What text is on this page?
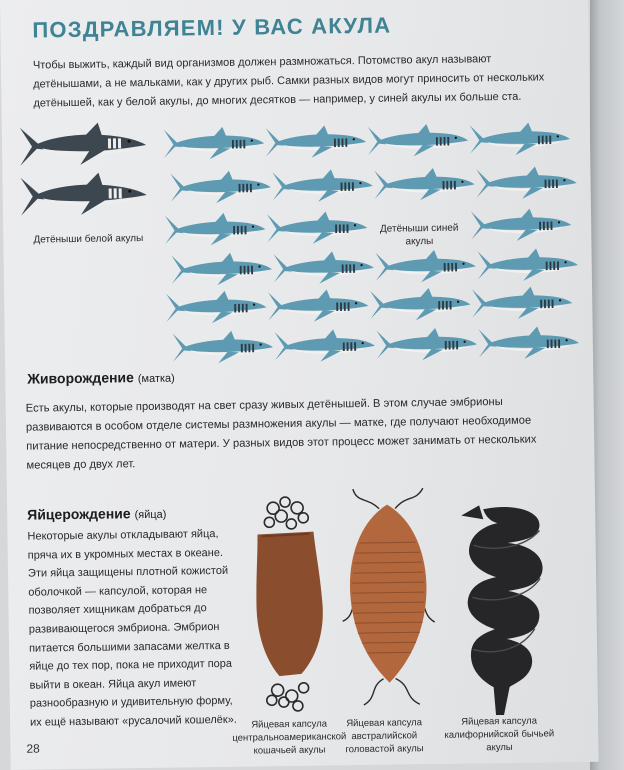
ПОЗДРАВЛЯЕМ! У ВАС АКУЛА
Чтобы выжить, каждый вид организмов должен размножаться. Потомство акул называют детёнышами, а не мальками, как у других рыб. Самки разных видов могут приносить от нескольких детёнышей, как у белой акулы, до многих десятков — например, у синей акулы их больше ста.
Детёныши белой акулы
Детёныши синей акулы
Живорождение (матка)
Есть акулы, которые производят на свет сразу живых детёнышей. В этом случае эмбрионы развиваются в особом отделе системы размножения акулы — матке, где получают необходимое питание непосредственно от матери. У разных видов этот процесс может занимать от нескольких месяцев до двух лет.
Яйцерождение (яйца)
Некоторые акулы откладывают яйца, пряча их в укромных местах в океане. Эти яйца защищены плотной кожистой оболочкой — капсулой, которая не позволяет хищникам добраться до развивающегося эмбриона. Эмбрион питается большими запасами желтка в яйце до тех пор, пока не приходит пора выйти в океан. Яйца акул имеют разнообразную и удивительную форму, их ещё называют «русалочий кошелёк».	Яйцевая капсула центральноамериканской кошачьей акулы
Яйцевая капсула австралийской головастой акулы
Яйцевая капсула калифорнийской бычьей акулы
28
